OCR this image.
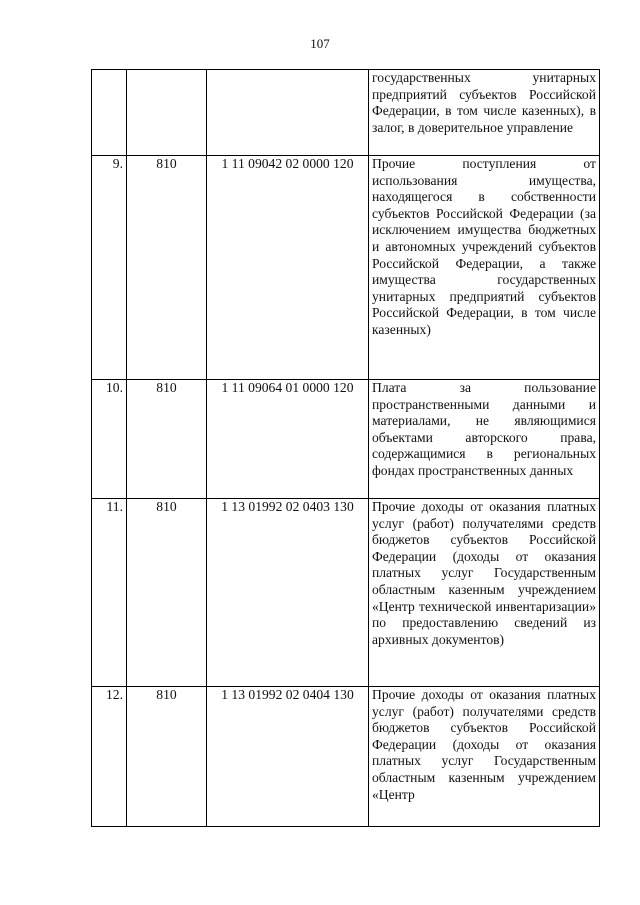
107
			государственных унитарных предприятий субъектов Российской Федерации, в том числе казенных), в залог, в доверительное управление
9.	810	1 11 09042 02 0000 120	Прочие поступления от использования имущества, находящегося в собственности субъектов Российской Федерации (за исключением имущества бюджетных и автономных учреждений субъектов Российской Федерации, а также имущества государственных унитарных предприятий субъектов Российской Федерации, в том числе казенных)
10.	810	1 11 09064 01 0000 120	Плата за пользование пространственными данными и материалами, не являющимися объектами авторского права, содержащимися в региональных фондах пространственных данных
11.	810	1 13 01992 02 0403 130	Прочие доходы от оказания платных услуг (работ) получателями средств бюджетов субъектов Российской Федерации (доходы от оказания платных услуг Государственным областным казенным учреждением «Центр технической инвентаризации» по предоставлению сведений из архивных документов)
12.	810	1 13 01992 02 0404 130	Прочие доходы от оказания платных услуг (работ) получателями средств бюджетов субъектов Российской Федерации (доходы от оказания платных услуг Государственным областным казенным учреждением «Центр
